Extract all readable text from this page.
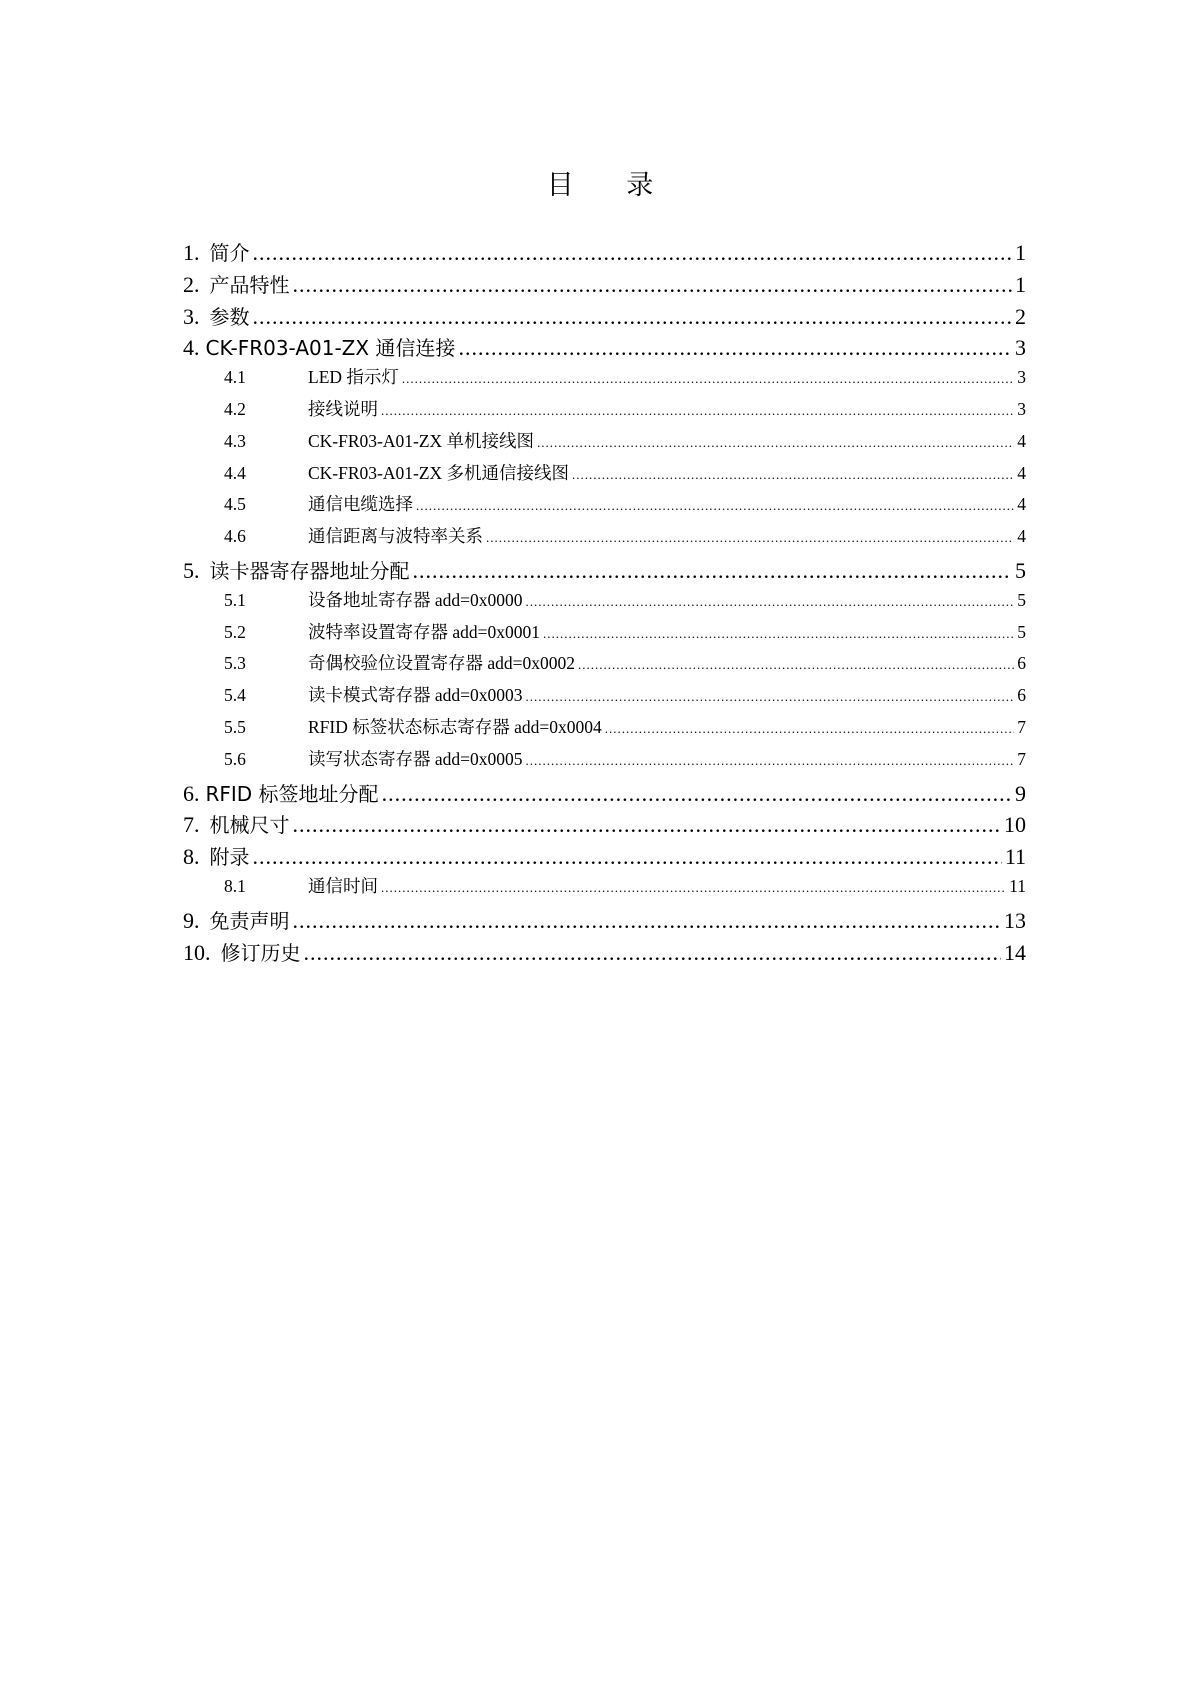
目 录
1. 简介 .....	1
2. 产品特性 .....	1
3. 参数 .....	2
4. CK-FR03-A01-ZX 通信连接 .....	3
4.1	LED 指示灯 .....	3
4.2	接线说明 .....	3
4.3	CK-FR03-A01-ZX 单机接线图 .....	4
4.4	CK-FR03-A01-ZX 多机通信接线图 .....	4
4.5	通信电缆选择 .....	4
4.6	通信距离与波特率关系 .....	4
5. 读卡器寄存器地址分配 .....	5
5.1	设备地址寄存器 add=0x0000 .....	5
5.2	波特率设置寄存器 add=0x0001 .....	5
5.3	奇偶校验位设置寄存器 add=0x0002 .....	6
5.4	读卡模式寄存器 add=0x0003 .....	6
5.5	RFID 标签状态标志寄存器 add=0x0004 .....	7
5.6	读写状态寄存器 add=0x0005 .....	7
6. RFID 标签地址分配 .....	9
7. 机械尺寸 .....	10
8. 附录 .....	11
8.1	通信时间 .....	11
9. 免责声明 .....	13
10. 修订历史 .....	14
